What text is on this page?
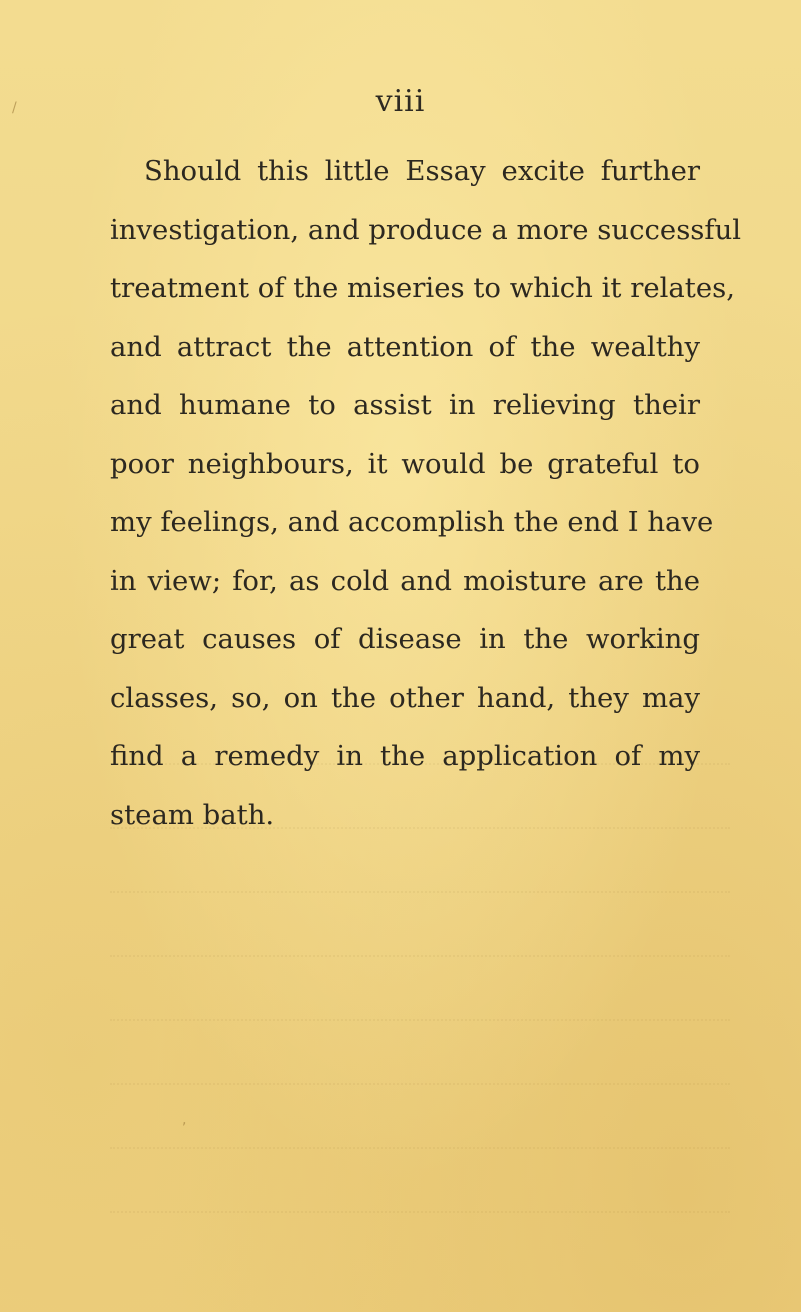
/
,
viii

Should this little Essay excite further
investigation, and produce a more successful
treatment of the miseries to which it relates,
and attract the attention of the wealthy
and humane to assist in relieving their
poor neighbours, it would be grateful to
my feelings, and accomplish the end I have
in view; for, as cold and moisture are the
great causes of disease in the working
classes, so, on the other hand, they may
find a remedy in the application of my
steam bath.
